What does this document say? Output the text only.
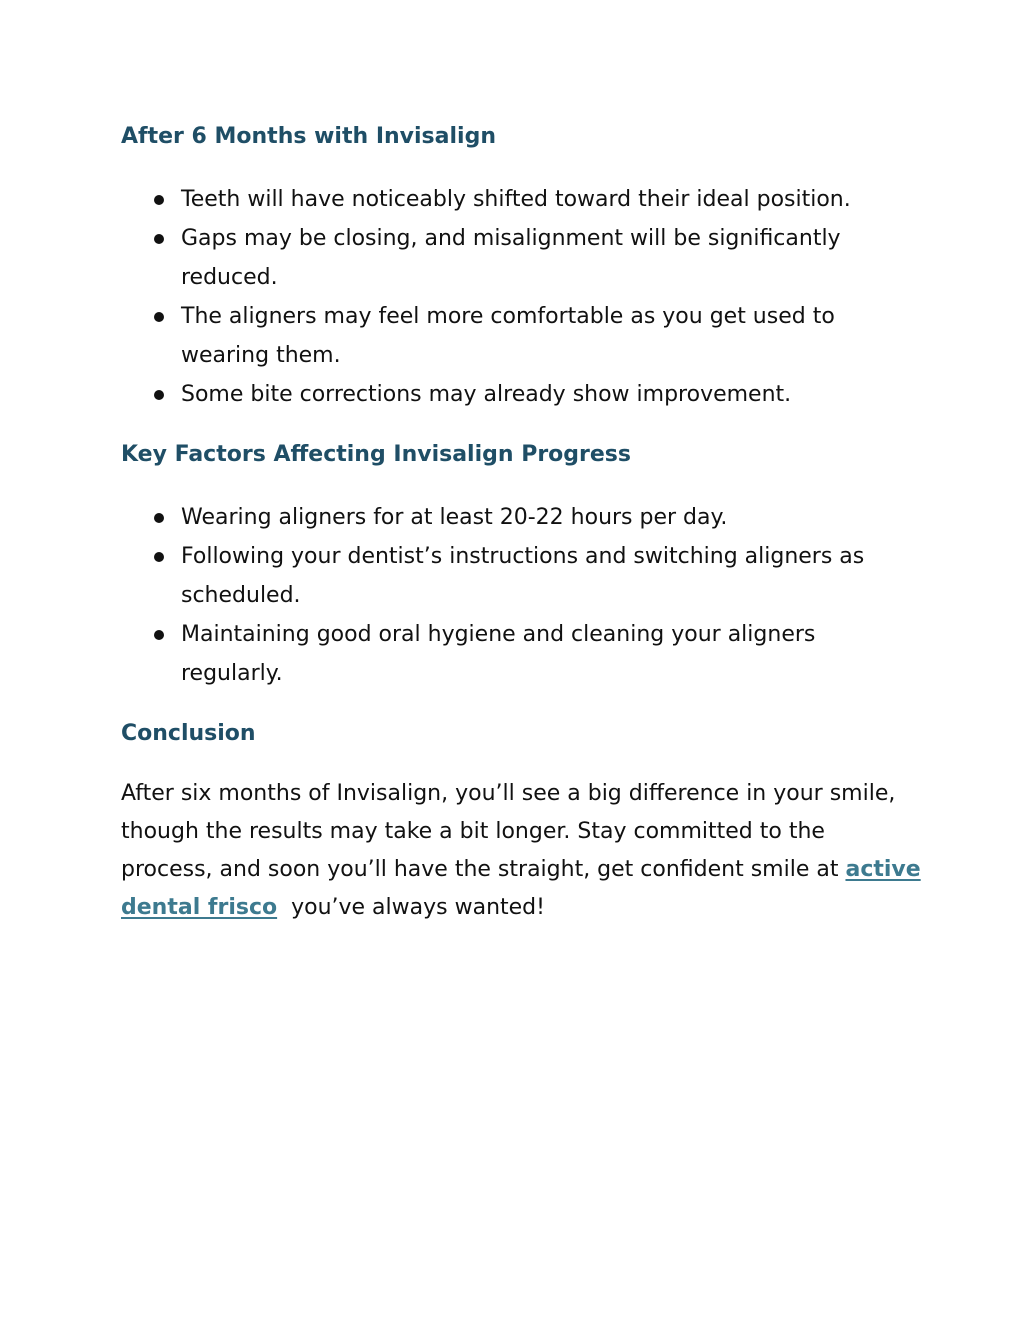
After 6 Months with Invisalign
Teeth will have noticeably shifted toward their ideal position.
Gaps may be closing, and misalignment will be significantly reduced.
The aligners may feel more comfortable as you get used to wearing them.
Some bite corrections may already show improvement.
Key Factors Affecting Invisalign Progress
Wearing aligners for at least 20-22 hours per day.
Following your dentist’s instructions and switching aligners as scheduled.
Maintaining good oral hygiene and cleaning your aligners regularly.
Conclusion

After six months of Invisalign, you’ll see a big difference in your smile, though the results may take a bit longer. Stay committed to the process, and soon you’ll have the straight, get confident smile at active dental frisco  you’ve always wanted!
